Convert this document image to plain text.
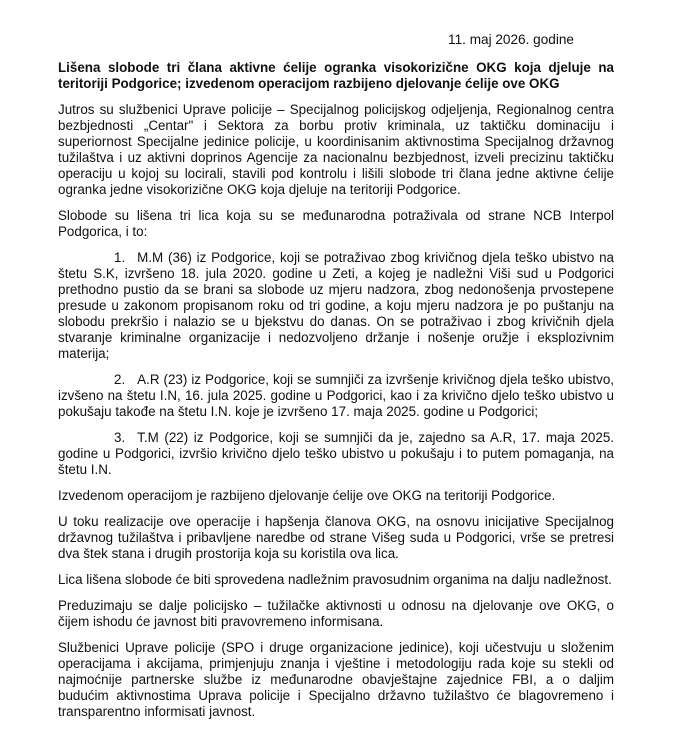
11. maj 2026. godine

Lišena slobode tri člana aktivne ćelije ogranka visokorizične OKG koja djeluje na teritoriji Podgorice; izvedenom operacijom razbijeno djelovanje ćelije ove OKG

Jutros su službenici Uprave policije – Specijalnog policijskog odjeljenja, Regionalnog centra bezbjednosti „Centar" i Sektora za borbu protiv kriminala, uz taktičku dominaciju i superiornost Specijalne jedinice policije, u koordinisanim aktivnostima Specijalnog državnog tužilaštva i uz aktivni doprinos Agencije za nacionalnu bezbjednost, izveli precizinu taktičku operaciju u kojoj su locirali, stavili pod kontrolu i lišili slobode tri člana jedne aktivne ćelije ogranka jedne visokorizične OKG koja djeluje na teritoriji Podgorice.

Slobode su lišena tri lica koja su se međunarodna potraživala od strane NCB Interpol Podgorica, i to:

1. M.M (36) iz Podgorice, koji se potraživao zbog krivičnog djela teško ubistvo na štetu S.K, izvršeno 18. jula 2020. godine u Zeti, a kojeg je nadležni Viši sud u Podgorici prethodno pustio da se brani sa slobode uz mjeru nadzora, zbog nedonošenja prvostepene presude u zakonom propisanom roku od tri godine, a koju mjeru nadzora je po puštanju na slobodu prekršio i nalazio se u bjekstvu do danas. On se potraživao i zbog krivičnih djela stvaranje kriminalne organizacije i nedozvoljeno držanje i nošenje oružje i eksplozivnim materija;

2. A.R (23) iz Podgorice, koji se sumnjiči za izvršenje krivičnog djela teško ubistvo, izvšeno na štetu I.N, 16. jula 2025. godine u Podgorici, kao i za krivično djelo teško ubistvo u pokušaju takođe na štetu I.N. koje je izvršeno 17. maja 2025. godine u Podgorici;

3. T.M (22) iz Podgorice, koji se sumnjiči da je, zajedno sa A.R, 17. maja 2025. godine u Podgorici, izvršio krivično djelo teško ubistvo u pokušaju i to putem pomaganja, na štetu I.N.

Izvedenom operacijom je razbijeno djelovanje ćelije ove OKG na teritoriji Podgorice.

U toku realizacije ove operacije i hapšenja članova OKG, na osnovu inicijative Specijalnog državnog tužilaštva i pribavljene naredbe od strane Višeg suda u Podgorici, vrše se pretresi dva štek stana i drugih prostorija koja su koristila ova lica.

Lica lišena slobode će biti sprovedena nadležnim pravosudnim organima na dalju nadležnost.

Preduzimaju se dalje policijsko – tužilačke aktivnosti u odnosu na djelovanje ove OKG, o čijem ishodu će javnost biti pravovremeno informisana.

Službenici Uprave policije (SPO i druge organizacione jedinice), koji učestvuju u složenim operacijama i akcijama, primjenjuju znanja i vještine i metodologiju rada koje su stekli od najmoćnije partnerske službe iz međunarodne obavještajne zajednice FBI, a o daljim budućim aktivnostima Uprava policije i Specijalno državno tužilaštvo će blagovremeno i transparentno informisati javnost.
